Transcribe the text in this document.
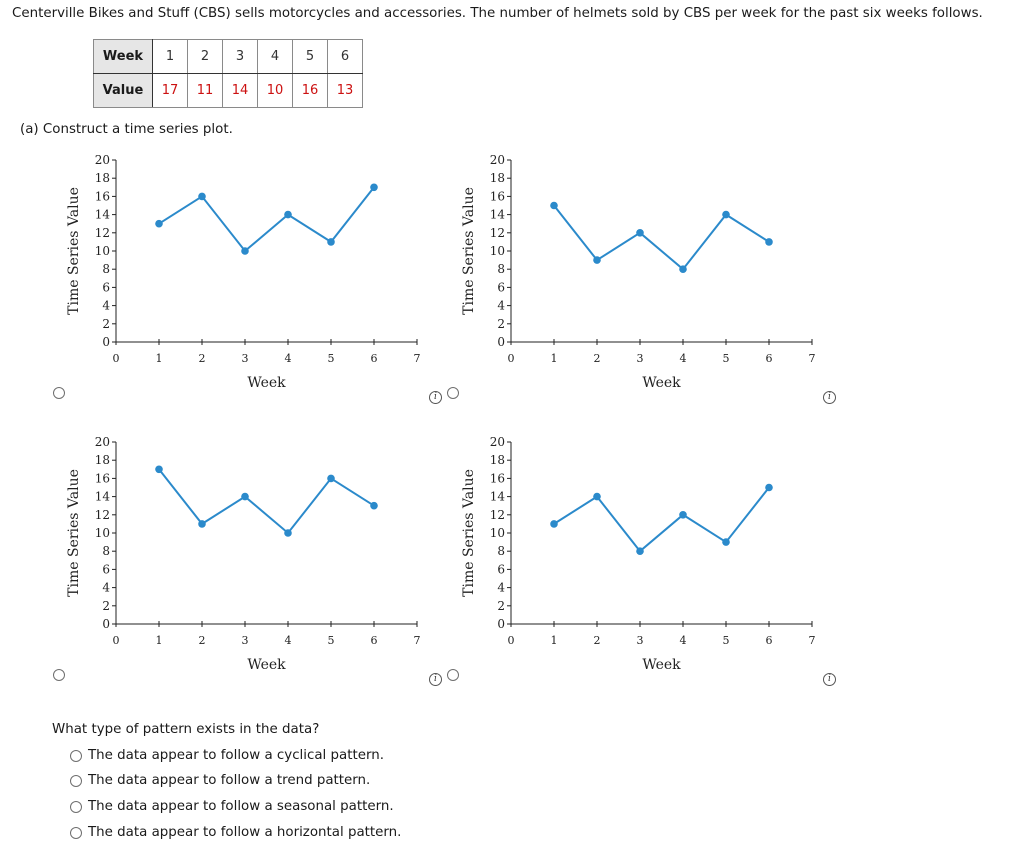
Centerville Bikes and Stuff (CBS) sells motorcycles and accessories. The number of helmets sold by CBS per week for the past six weeks follows.
Week	1	2	3	4	5	6
Value	17	11	14	10	16	13
(a) Construct a time series plot.
0
2
4
6
8
10
12
14
16
18
20
0	1	2	3	4	5	6	7
Week
Time Series Value
0
2
4
6
8
10
12
14
16
18
20
0	1	2	3	4	5	6	7
Week
Time Series Value
0
2
4
6
8
10
12
14
16
18
20
0	1	2	3	4	5	6	7
Week
Time Series Value
0
2
4
6
8
10
12
14
16
18
20
0	1	2	3	4	5	6	7
Week
Time Series Value
i	i
i	i
What type of pattern exists in the data?
The data appear to follow a cyclical pattern.
The data appear to follow a trend pattern.
The data appear to follow a seasonal pattern.
The data appear to follow a horizontal pattern.
